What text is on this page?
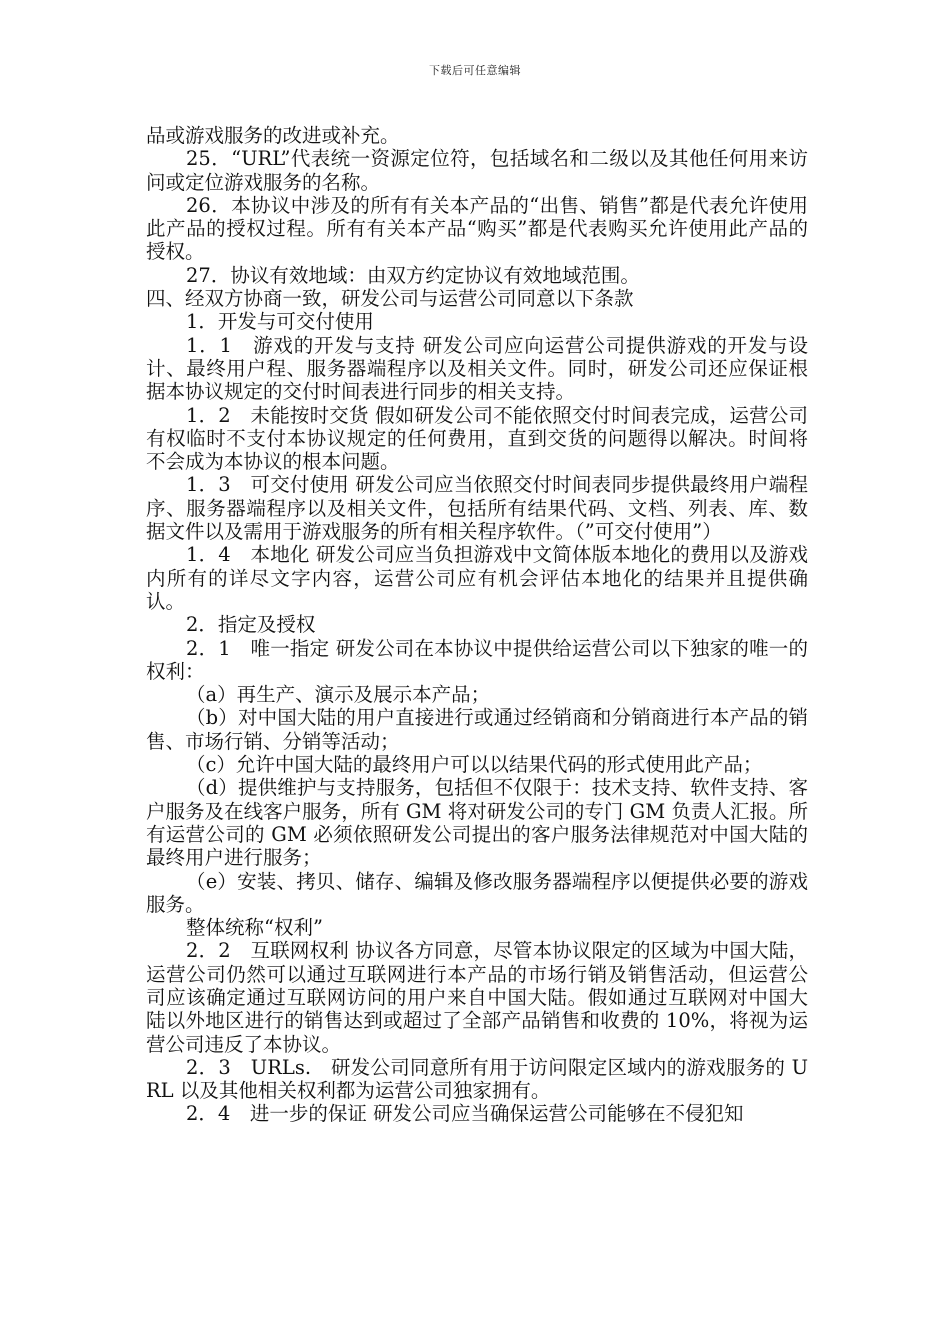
下载后可任意编辑

品或游戏服务的改进或补充。

25．“URL”代表统一资源定位符，包括域名和二级以及其他任何用来访问或定位游戏服务的名称。

26．本协议中涉及的所有有关本产品的“出售、销售”都是代表允许使用此产品的授权过程。所有有关本产品“购买”都是代表购买允许使用此产品的授权。

27．协议有效地域：由双方约定协议有效地域范围。

四、经双方协商一致，研发公司与运营公司同意以下条款

1．开发与可交付使用

1．1　游戏的开发与支持 研发公司应向运营公司提供游戏的开发与设计、最终用户程、服务器端程序以及相关文件。同时，研发公司还应保证根据本协议规定的交付时间表进行同步的相关支持。

1．2　未能按时交货 假如研发公司不能依照交付时间表完成，运营公司有权临时不支付本协议规定的任何费用，直到交货的问题得以解决。时间将不会成为本协议的根本问题。

1．3　可交付使用 研发公司应当依照交付时间表同步提供最终用户端程序、服务器端程序以及相关文件，包括所有结果代码、文档、列表、库、数据文件以及需用于游戏服务的所有相关程序软件。（”可交付使用”）

1．4　本地化 研发公司应当负担游戏中文简体版本地化的费用以及游戏内所有的详尽文字内容，运营公司应有机会评估本地化的结果并且提供确认。

2．指定及授权

2．1　唯一指定 研发公司在本协议中提供给运营公司以下独家的唯一的权利：

（a）再生产、演示及展示本产品；

（b）对中国大陆的用户直接进行或通过经销商和分销商进行本产品的销售、市场行销、分销等活动；

（c）允许中国大陆的最终用户可以以结果代码的形式使用此产品；

（d）提供维护与支持服务，包括但不仅限于：技术支持、软件支持、客户服务及在线客户服务，所有 GM 将对研发公司的专门 GM 负责人汇报。所有运营公司的 GM 必须依照研发公司提出的客户服务法律规范对中国大陆的最终用户进行服务；

（e）安装、拷贝、储存、编辑及修改服务器端程序以便提供必要的游戏服务。

整体统称“权利”

2．2　互联网权利 协议各方同意，尽管本协议限定的区域为中国大陆，运营公司仍然可以通过互联网进行本产品的市场行销及销售活动，但运营公司应该确定通过互联网访问的用户来自中国大陆。假如通过互联网对中国大陆以外地区进行的销售达到或超过了全部产品销售和收费的 10%，将视为运营公司违反了本协议。

2．3　URLs.　研发公司同意所有用于访问限定区域内的游戏服务的 URL 以及其他相关权利都为运营公司独家拥有。

2．4　进一步的保证 研发公司应当确保运营公司能够在不侵犯知
